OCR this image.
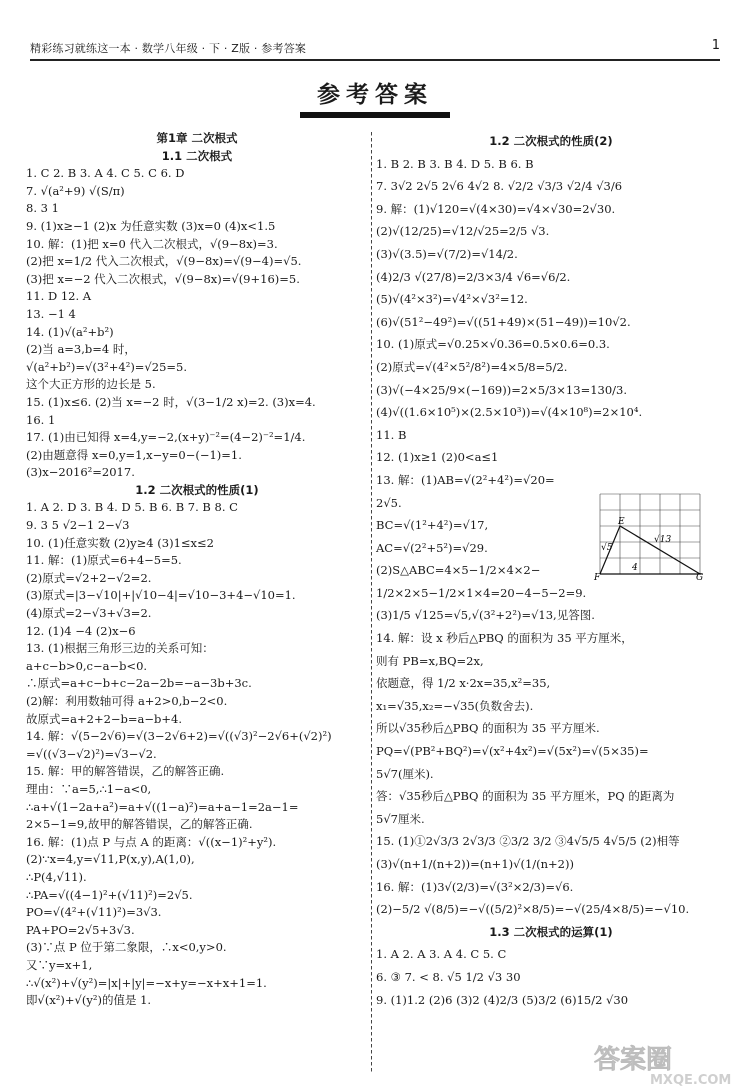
精彩练习就练这一本 · 数学八年级 · 下 · Z版 · 参考答案	1
参考答案
第1章 二次根式
1.1 二次根式
1. C 2. B 3. A 4. C 5. C 6. D
7. √(a²+9) √(S/π)
8. 3 1
9. (1)x≥−1 (2)x 为任意实数 (3)x=0 (4)x<1.5
10. 解：(1)把 x=0 代入二次根式，√(9−8x)=3.
(2)把 x=1/2 代入二次根式，√(9−8x)=√(9−4)=√5.
(3)把 x=−2 代入二次根式，√(9−8x)=√(9+16)=5.
11. D 12. A
13. −1 4
14. (1)√(a²+b²)
(2)当 a=3,b=4 时，
√(a²+b²)=√(3²+4²)=√25=5.
这个大正方形的边长是 5.
15. (1)x≤6. (2)当 x=−2 时，√(3−1/2 x)=2. (3)x=4.
16. 1
17. (1)由已知得 x=4,y=−2,(x+y)⁻²=(4−2)⁻²=1/4.
(2)由题意得 x=0,y=1,x−y=0−(−1)=1.
(3)x−2016²=2017.
1.2 二次根式的性质(1)
1. A 2. D 3. B 4. D 5. B 6. B 7. B 8. C
9. 3 5 √2−1 2−√3
10. (1)任意实数 (2)y≥4 (3)1≤x≤2
11. 解：(1)原式=6+4−5=5.
(2)原式=√2+2−√2=2.
(3)原式=|3−√10|+|√10−4|=√10−3+4−√10=1.
(4)原式=2−√3+√3=2.
12. (1)4 −4 (2)x−6
13. (1)根据三角形三边的关系可知：
a+c−b>0,c−a−b<0.
∴原式=a+c−b+c−2a−2b=−a−3b+3c.
(2)解：利用数轴可得 a+2>0,b−2<0.
故原式=a+2+2−b=a−b+4.
14. 解：√(5−2√6)=√(3−2√6+2)=√((√3)²−2√6+(√2)²)
=√((√3−√2)²)=√3−√2.
15. 解：甲的解答错误，乙的解答正确.
理由：∵a=5,∴1−a<0,
∴a+√(1−2a+a²)=a+√((1−a)²)=a+a−1=2a−1=
2×5−1=9,故甲的解答错误，乙的解答正确.
16. 解：(1)点 P 与点 A 的距离：√((x−1)²+y²).
(2)∵x=4,y=√11,P(x,y),A(1,0),
∴P(4,√11).
∴PA=√((4−1)²+(√11)²)=2√5.
PO=√(4²+(√11)²)=3√3.
PA+PO=2√5+3√3.
(3)∵点 P 位于第二象限，∴x<0,y>0.
又∵y=x+1,
∴√(x²)+√(y²)=|x|+|y|=−x+y=−x+x+1=1.
即√(x²)+√(y²)的值是 1.
1.2 二次根式的性质(2)
1. B 2. B 3. B 4. D 5. B 6. B
7. 3√2 2√5 2√6 4√2 8. √2/2 √3/3 √2/4 √3/6
9. 解：(1)√120=√(4×30)=√4×√30=2√30.
(2)√(12/25)=√12/√25=2/5 √3.
(3)√(3.5)=√(7/2)=√14/2.
(4)2/3 √(27/8)=2/3×3/4 √6=√6/2.
(5)√(4²×3²)=√4²×√3²=12.
(6)√(51²−49²)=√((51+49)×(51−49))=10√2.
10. (1)原式=√0.25×√0.36=0.5×0.6=0.3.
(2)原式=√(4²×5²/8²)=4×5/8=5/2.
(3)√(−4×25/9×(−169))=2×5/3×13=130/3.
(4)√((1.6×10⁵)×(2.5×10³))=√(4×10⁸)=2×10⁴.
11. B
12. (1)x≥1 (2)0<a≤1
13. 解：(1)AB=√(2²+4²)=√20=
2√5.
BC=√(1²+4²)=√17,
AC=√(2²+5²)=√29.
(2)S△ABC=4×5−1/2×4×2−
1/2×2×5−1/2×1×4=20−4−5−2=9.
(3)1/5 √125=√5,√(3²+2²)=√13,见答图.
14. 解：设 x 秒后△PBQ 的面积为 35 平方厘米，
则有 PB=x,BQ=2x,
依题意，得 1/2 x·2x=35,x²=35,
x₁=√35,x₂=−√35(负数舍去).
所以√35秒后△PBQ 的面积为 35 平方厘米.
PQ=√(PB²+BQ²)=√(x²+4x²)=√(5x²)=√(5×35)=
5√7(厘米).
答：√35秒后△PBQ 的面积为 35 平方厘米，PQ 的距离为
5√7厘米.
15. (1)①2√3/3 2√3/3 ②3/2 3/2 ③4√5/5 4√5/5 (2)相等
(3)√(n+1/(n+2))=(n+1)√(1/(n+2))
16. 解：(1)3√(2/3)=√(3²×2/3)=√6.
(2)−5/2 √(8/5)=−√((5/2)²×8/5)=−√(25/4×8/5)=−√10.
1.3 二次根式的运算(1)
1. A 2. A 3. A 4. C 5. C
6. ③ 7. < 8. √5 1/2 √3 30
9. (1)1.2 (2)6 (3)2 (4)2/3 (5)3/2 (6)15/2 √30
E
F	G
√5
√13
4
答案圈
MXQE.COM
